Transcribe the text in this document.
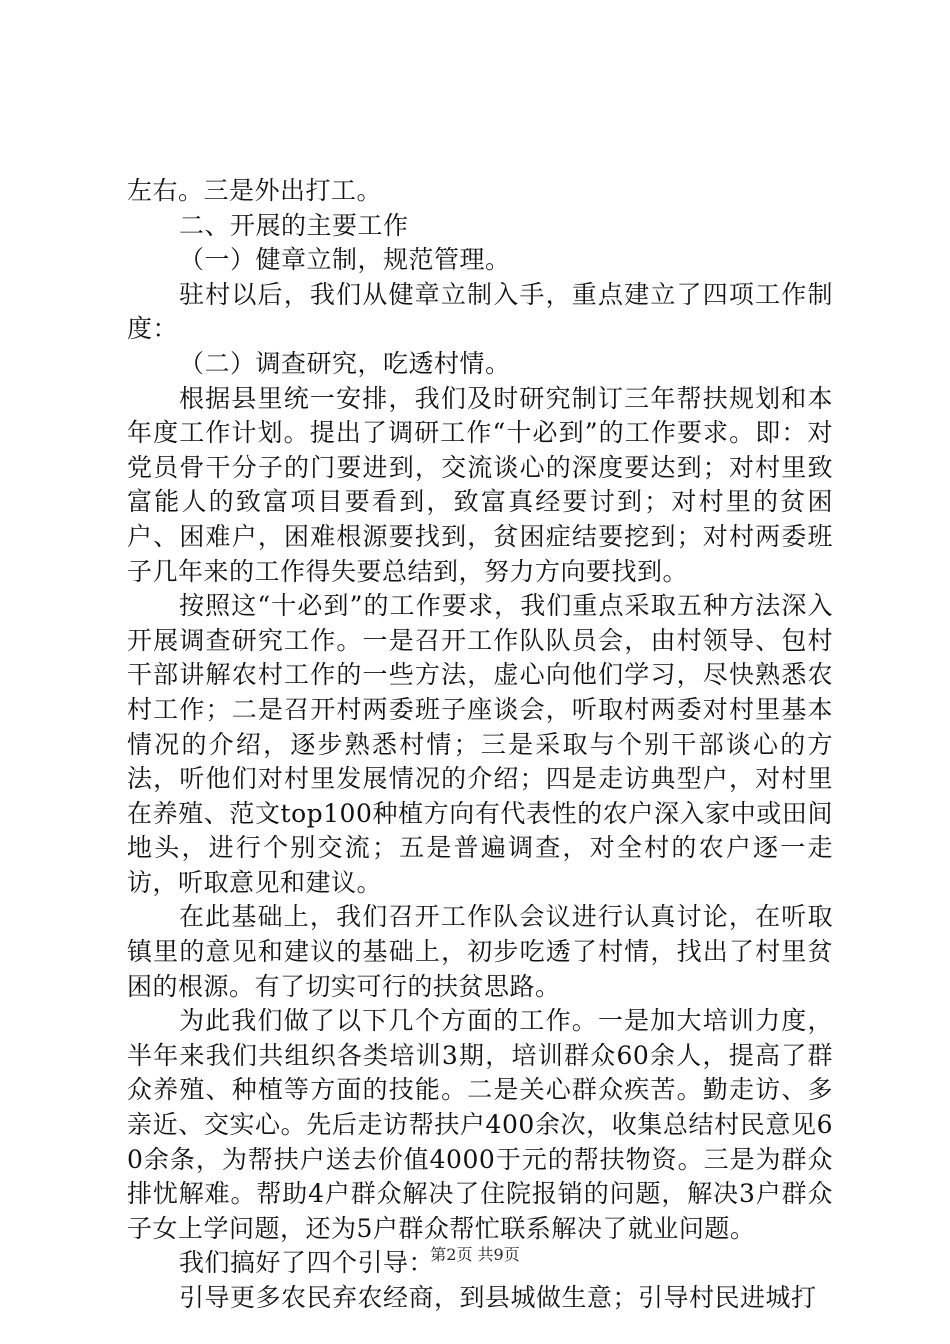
左右。三是外出打工。

二、开展的主要工作

（一）健章立制，规范管理。

驻村以后，我们从健章立制入手，重点建立了四项工作制度：

（二）调查研究，吃透村情。

根据县里统一安排，我们及时研究制订三年帮扶规划和本年度工作计划。提出了调研工作“十必到”的工作要求。即：对党员骨干分子的门要进到，交流谈心的深度要达到；对村里致富能人的致富项目要看到，致富真经要讨到；对村里的贫困户、困难户，困难根源要找到，贫困症结要挖到；对村两委班子几年来的工作得失要总结到，努力方向要找到。

按照这“十必到”的工作要求，我们重点采取五种方法深入开展调查研究工作。一是召开工作队队员会，由村领导、包村干部讲解农村工作的一些方法，虚心向他们学习，尽快熟悉农村工作；二是召开村两委班子座谈会，听取村两委对村里基本情况的介绍，逐步熟悉村情；三是采取与个别干部谈心的方法，听他们对村里发展情况的介绍；四是走访典型户，对村里在养殖、范文top100种植方向有代表性的农户深入家中或田间地头，进行个别交流；五是普遍调查，对全村的农户逐一走访，听取意见和建议。

在此基础上，我们召开工作队会议进行认真讨论，在听取镇里的意见和建议的基础上，初步吃透了村情，找出了村里贫困的根源。有了切实可行的扶贫思路。

为此我们做了以下几个方面的工作。一是加大培训力度，半年来我们共组织各类培训3期，培训群众60余人，提高了群众养殖、种植等方面的技能。二是关心群众疾苦。勤走访、多亲近、交实心。先后走访帮扶户400余次，收集总结村民意见60余条，为帮扶户送去价值4000于元的帮扶物资。三是为群众排忧解难。帮助4户群众解决了住院报销的问题，解决3户群众子女上学问题，还为5户群众帮忙联系解决了就业问题。

我们搞好了四个引导：

引导更多农民弃农经商，到县城做生意；引导村民进城打

第2页 共9页
